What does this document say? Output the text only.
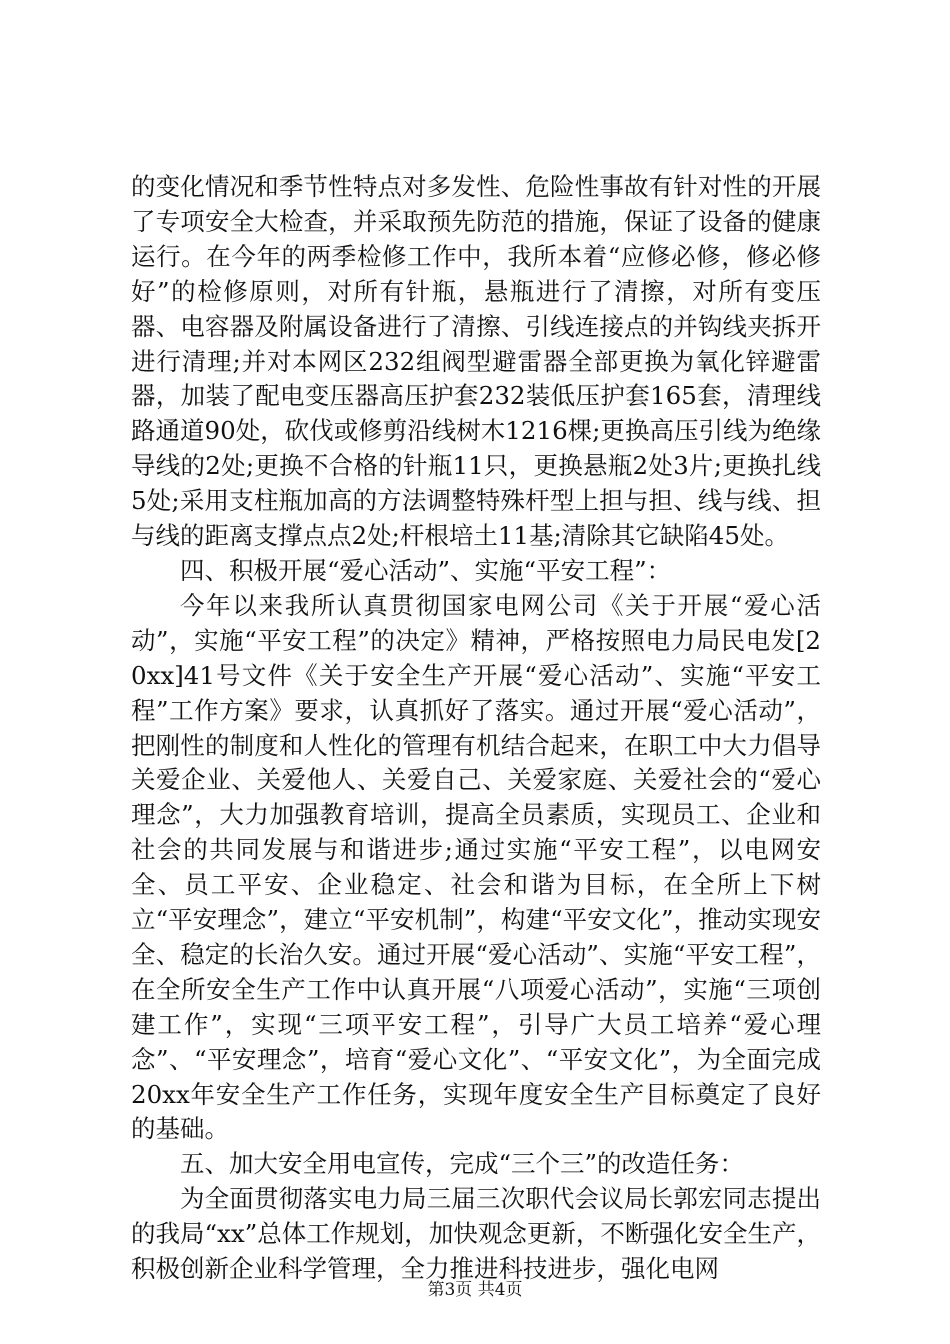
的变化情况和季节性特点对多发性、危险性事故有针对性的开展了专项安全大检查，并采取预先防范的措施，保证了设备的健康运行。在今年的两季检修工作中，我所本着“应修必修，修必修好”的检修原则，对所有针瓶，悬瓶进行了清擦，对所有变压器、电容器及附属设备进行了清擦、引线连接点的并钩线夹拆开进行清理;并对本网区232组阀型避雷器全部更换为氧化锌避雷器，加装了配电变压器高压护套232装低压护套165套，清理线路通道90处，砍伐或修剪沿线树木1216棵;更换高压引线为绝缘导线的2处;更换不合格的针瓶11只，更换悬瓶2处3片;更换扎线5处;采用支柱瓶加高的方法调整特殊杆型上担与担、线与线、担与线的距离支撑点点2处;杆根培土11基;清除其它缺陷45处。

四、积极开展“爱心活动”、实施“平安工程”：

今年以来我所认真贯彻国家电网公司《关于开展“爱心活动”，实施“平安工程”的决定》精神，严格按照电力局民电发[20xx]41号文件《关于安全生产开展“爱心活动”、实施“平安工程”工作方案》要求，认真抓好了落实。通过开展“爱心活动”，把刚性的制度和人性化的管理有机结合起来，在职工中大力倡导关爱企业、关爱他人、关爱自己、关爱家庭、关爱社会的“爱心理念”，大力加强教育培训，提高全员素质，实现员工、企业和社会的共同发展与和谐进步;通过实施“平安工程”，以电网安全、员工平安、企业稳定、社会和谐为目标，在全所上下树立“平安理念”，建立“平安机制”，构建“平安文化”，推动实现安全、稳定的长治久安。通过开展“爱心活动”、实施“平安工程”，在全所安全生产工作中认真开展“八项爱心活动”，实施“三项创建工作”，实现“三项平安工程”，引导广大员工培养“爱心理念”、“平安理念”，培育“爱心文化”、“平安文化”，为全面完成20xx年安全生产工作任务，实现年度安全生产目标奠定了良好的基础。

五、加大安全用电宣传，完成“三个三”的改造任务：

为全面贯彻落实电力局三届三次职代会议局长郭宏同志提出的我局“xx”总体工作规划，加快观念更新，不断强化安全生产，积极创新企业科学管理，全力推进科技进步，强化电网

第3页 共4页
